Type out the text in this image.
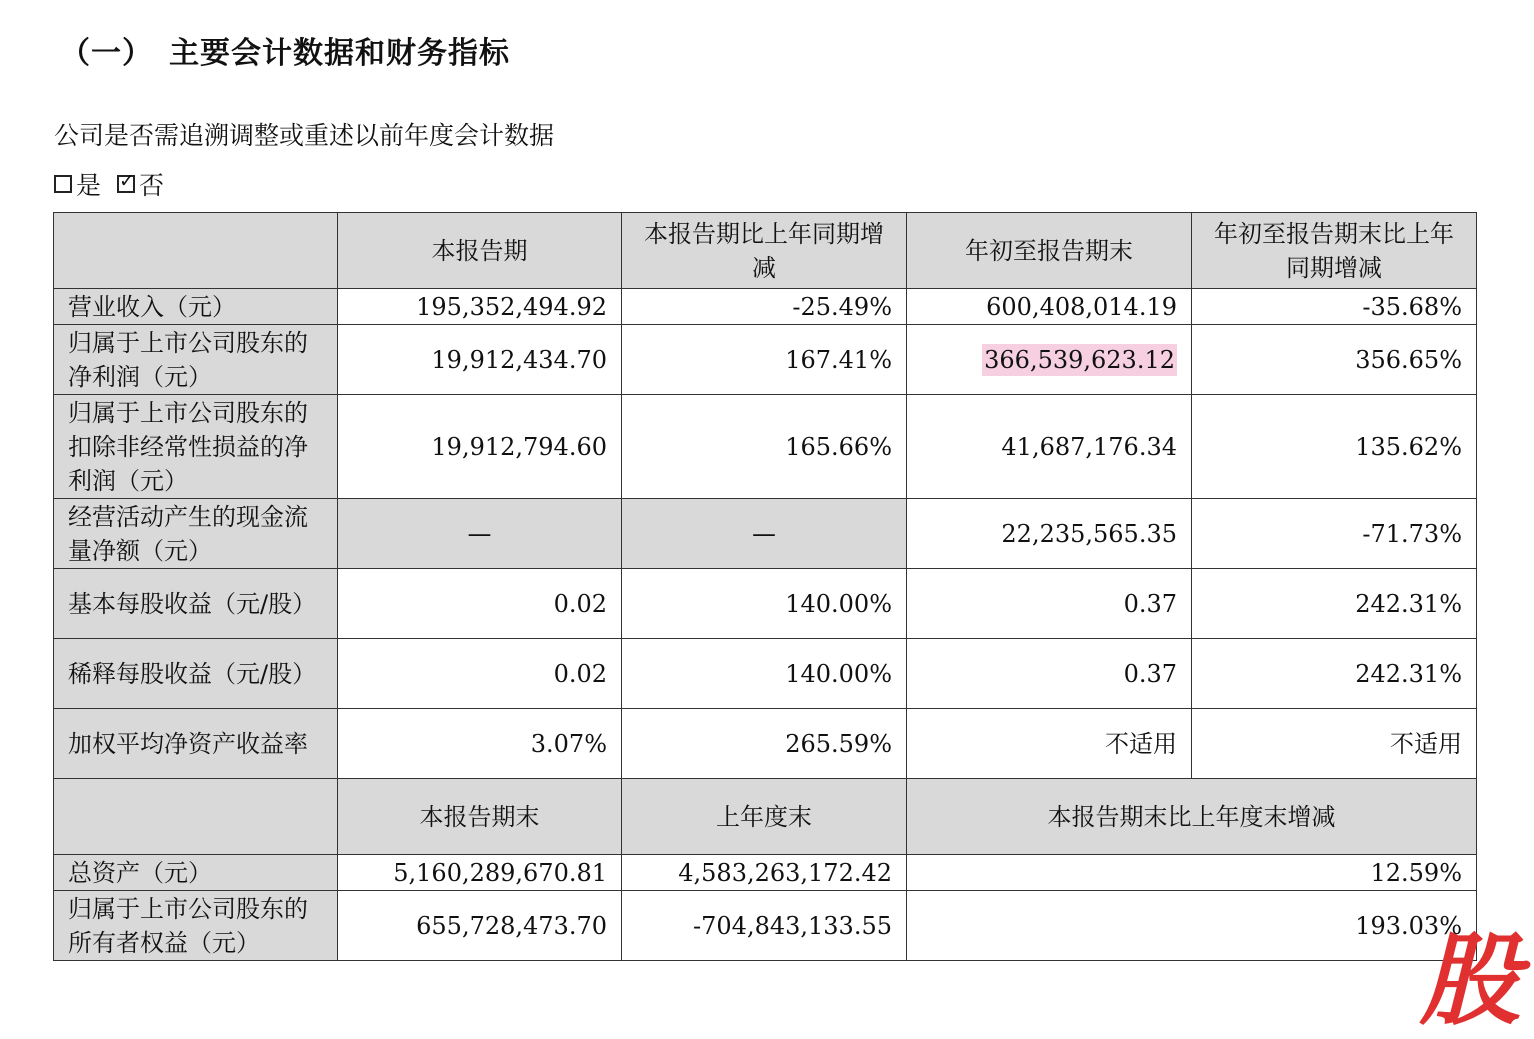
（一）　主要会计数据和财务指标
公司是否需追溯调整或重述以前年度会计数据
是 ✓ 否
	本报告期	本报告期比上年同期增减	年初至报告期末	年初至报告期末比上年同期增减
营业收入（元）	195,352,494.92	-25.49%	600,408,014.19	-35.68%
归属于上市公司股东的净利润（元）	19,912,434.70	167.41%	366,539,623.12	356.65%
归属于上市公司股东的扣除非经常性损益的净利润（元）	19,912,794.60	165.66%	41,687,176.34	135.62%
经营活动产生的现金流量净额（元）	—	—	22,235,565.35	-71.73%
基本每股收益（元/股）	0.02	140.00%	0.37	242.31%
稀释每股收益（元/股）	0.02	140.00%	0.37	242.31%
加权平均净资产收益率	3.07%	265.59%	不适用	不适用
	本报告期末	上年度末	本报告期末比上年度末增减	
总资产（元）	5,160,289,670.81	4,583,263,172.42	12.59%	
归属于上市公司股东的所有者权益（元）	655,728,473.70	-704,843,133.55	193.03%	
股
